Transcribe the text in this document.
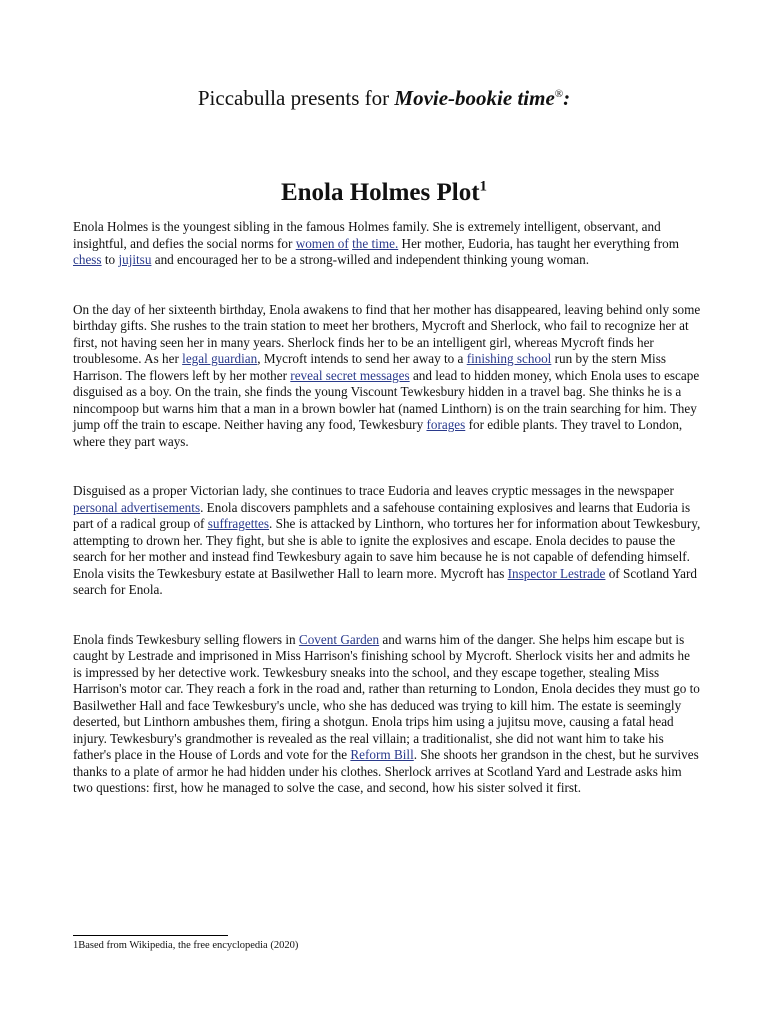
Piccabulla presents for Movie-bookie time®:
Enola Holmes Plot$^1$

Enola Holmes is the youngest sibling in the famous Holmes family. She is extremely intelligent, observant, and insightful, and defies the social norms for women of the time. Her mother, Eudoria, has taught her everything from chess to jujitsu and encouraged her to be a strong-willed and independent thinking young woman.

On the day of her sixteenth birthday, Enola awakens to find that her mother has disappeared, leaving behind only some birthday gifts. She rushes to the train station to meet her brothers, Mycroft and Sherlock, who fail to recognize her at first, not having seen her in many years. Sherlock finds her to be an intelligent girl, whereas Mycroft finds her troublesome. As her legal guardian, Mycroft intends to send her away to a finishing school run by the stern Miss Harrison. The flowers left by her mother reveal secret messages and lead to hidden money, which Enola uses to escape disguised as a boy. On the train, she finds the young Viscount Tewkesbury hidden in a travel bag. She thinks he is a nincompoop but warns him that a man in a brown bowler hat (named Linthorn) is on the train searching for him. They jump off the train to escape. Neither having any food, Tewkesbury forages for edible plants. They travel to London, where they part ways.

Disguised as a proper Victorian lady, she continues to trace Eudoria and leaves cryptic messages in the newspaper personal advertisements. Enola discovers pamphlets and a safehouse containing explosives and learns that Eudoria is part of a radical group of suffragettes. She is attacked by Linthorn, who tortures her for information about Tewkesbury, attempting to drown her. They fight, but she is able to ignite the explosives and escape. Enola decides to pause the search for her mother and instead find Tewkesbury again to save him because he is not capable of defending himself. Enola visits the Tewkesbury estate at Basilwether Hall to learn more. Mycroft has Inspector Lestrade of Scotland Yard search for Enola.

Enola finds Tewkesbury selling flowers in Covent Garden and warns him of the danger. She helps him escape but is caught by Lestrade and imprisoned in Miss Harrison's finishing school by Mycroft. Sherlock visits her and admits he is impressed by her detective work. Tewkesbury sneaks into the school, and they escape together, stealing Miss Harrison's motor car. They reach a fork in the road and, rather than returning to London, Enola decides they must go to Basilwether Hall and face Tewkesbury's uncle, who she has deduced was trying to kill him. The estate is seemingly deserted, but Linthorn ambushes them, firing a shotgun. Enola trips him using a jujitsu move, causing a fatal head injury. Tewkesbury's grandmother is revealed as the real villain; a traditionalist, she did not want him to take his father's place in the House of Lords and vote for the Reform Bill. She shoots her grandson in the chest, but he survives thanks to a plate of armor he had hidden under his clothes. Sherlock arrives at Scotland Yard and Lestrade asks him two questions: first, how he managed to solve the case, and second, how his sister solved it first.

1Based from Wikipedia, the free encyclopedia (2020)
